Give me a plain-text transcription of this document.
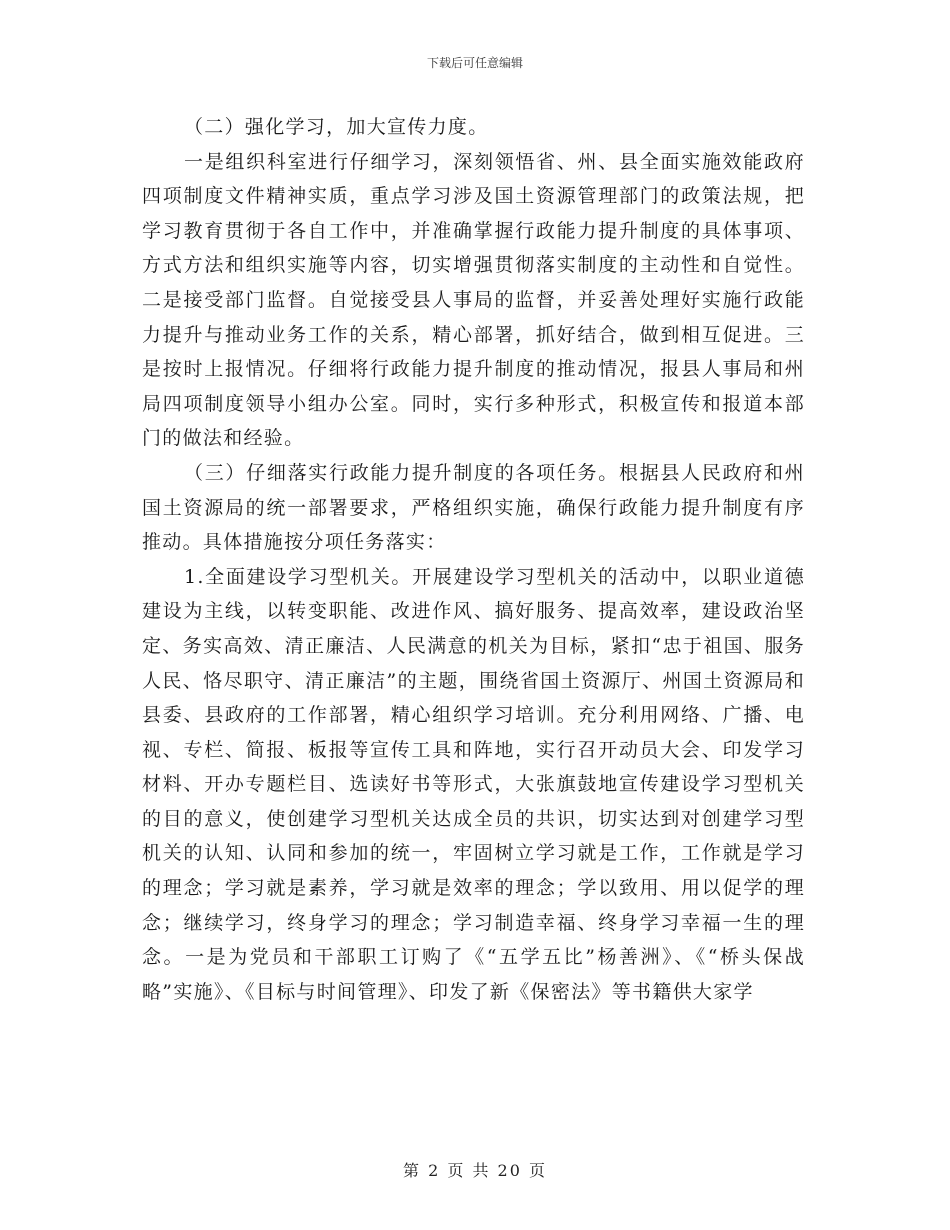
下载后可任意编辑

（二）强化学习，加大宣传力度。

一是组织科室进行仔细学习，深刻领悟省、州、县全面实施效能政府四项制度文件精神实质，重点学习涉及国土资源管理部门的政策法规，把学习教育贯彻于各自工作中，并准确掌握行政能力提升制度的具体事项、方式方法和组织实施等内容，切实增强贯彻落实制度的主动性和自觉性。二是接受部门监督。自觉接受县人事局的监督，并妥善处理好实施行政能力提升与推动业务工作的关系，精心部署，抓好结合，做到相互促进。三是按时上报情况。仔细将行政能力提升制度的推动情况，报县人事局和州局四项制度领导小组办公室。同时，实行多种形式，积极宣传和报道本部门的做法和经验。

（三）仔细落实行政能力提升制度的各项任务。根据县人民政府和州国土资源局的统一部署要求，严格组织实施，确保行政能力提升制度有序推动。具体措施按分项任务落实：

1.全面建设学习型机关。开展建设学习型机关的活动中，以职业道德建设为主线，以转变职能、改进作风、搞好服务、提高效率，建设政治坚定、务实高效、清正廉洁、人民满意的机关为目标，紧扣“忠于祖国、服务人民、恪尽职守、清正廉洁”的主题，围绕省国土资源厅、州国土资源局和县委、县政府的工作部署，精心组织学习培训。充分利用网络、广播、电视、专栏、简报、板报等宣传工具和阵地，实行召开动员大会、印发学习材料、开办专题栏目、选读好书等形式，大张旗鼓地宣传建设学习型机关的目的意义，使创建学习型机关达成全员的共识，切实达到对创建学习型机关的认知、认同和参加的统一，牢固树立学习就是工作，工作就是学习的理念；学习就是素养，学习就是效率的理念；学以致用、用以促学的理念；继续学习，终身学习的理念；学习制造幸福、终身学习幸福一生的理念。一是为党员和干部职工订购了《“五学五比”杨善洲》、《“桥头保战略”实施》、《目标与时间管理》、印发了新《保密法》等书籍供大家学

第 2 页 共 20 页
